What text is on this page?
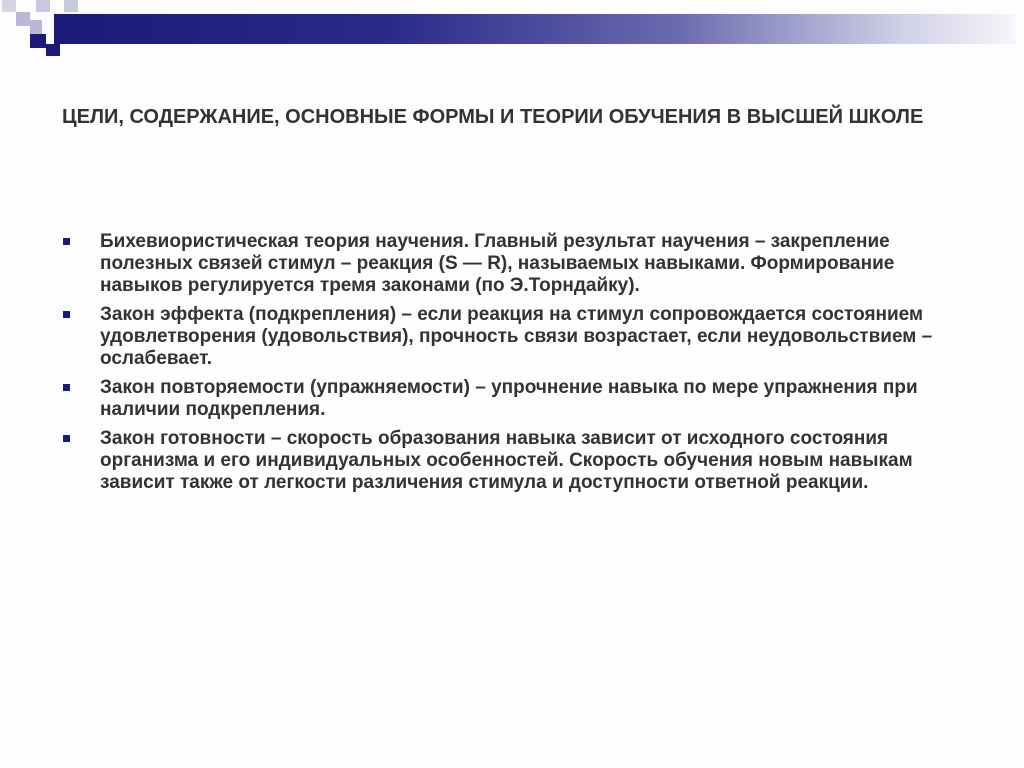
ЦЕЛИ, СОДЕРЖАНИЕ, ОСНОВНЫЕ ФОРМЫ И ТЕОРИИ ОБУЧЕНИЯ В ВЫСШЕЙ ШКОЛЕ
Бихевиористическая теория научения. Главный результат научения – закрепление полезных связей стимул – реакция (S — R), называемых навыками. Формирование навыков регулируется тремя законами (по Э.Торндайку).
Закон эффекта (подкрепления) – если реакция на стимул сопровождается состоянием удовлетворения (удовольствия), прочность связи возрастает, если неудовольствием – ослабевает.
Закон повторяемости (упражняемости) – упрочнение навыка по мере упражнения при наличии подкрепления.
Закон готовности – скорость образования навыка зависит от исходного состояния организма и его индивидуальных особенностей. Скорость обучения новым навыкам зависит также от легкости различения стимула и доступности ответной реакции.
